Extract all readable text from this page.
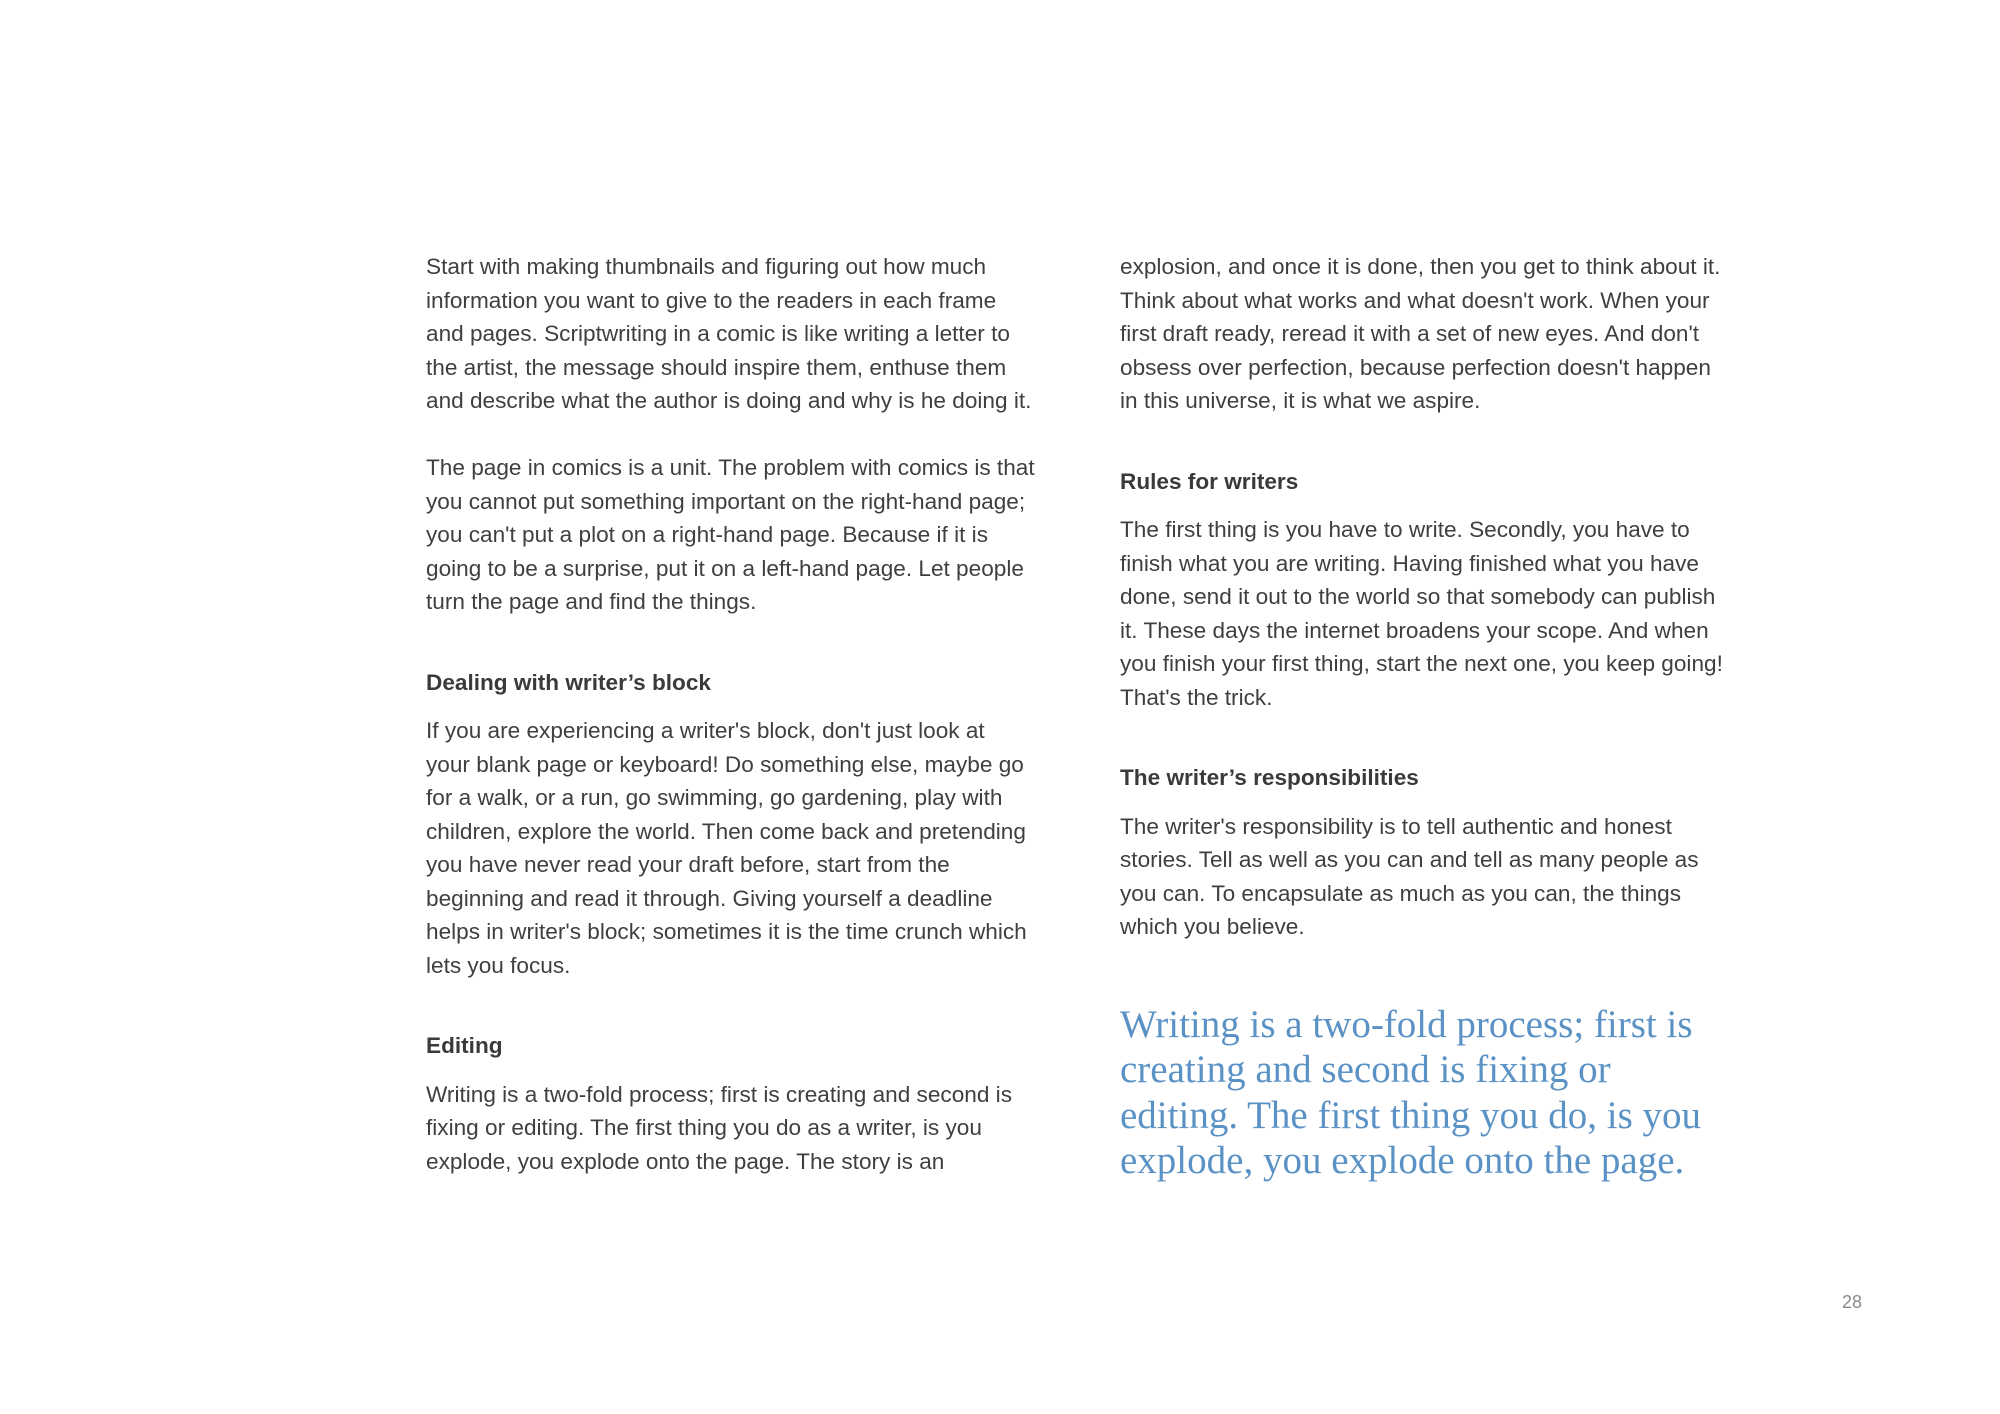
Start with making thumbnails and figuring out how much
information you want to give to the readers in each frame
and pages. Scriptwriting in a comic is like writing a letter to
the artist, the message should inspire them, enthuse them
and describe what the author is doing and why is he doing it.

The page in comics is a unit. The problem with comics is that
you cannot put something important on the right-hand page;
you can't put a plot on a right-hand page. Because if it is
going to be a surprise, put it on a left-hand page. Let people
turn the page and find the things.

Dealing with writer’s block

If you are experiencing a writer's block, don't just look at
your blank page or keyboard! Do something else, maybe go
for a walk, or a run, go swimming, go gardening, play with
children, explore the world. Then come back and pretending
you have never read your draft before, start from the
beginning and read it through. Giving yourself a deadline
helps in writer's block; sometimes it is the time crunch which
lets you focus.

Editing

Writing is a two-fold process; first is creating and second is
fixing or editing. The first thing you do as a writer, is you
explode, you explode onto the page. The story is an

explosion, and once it is done, then you get to think about it.
Think about what works and what doesn't work. When your
first draft ready, reread it with a set of new eyes. And don't
obsess over perfection, because perfection doesn't happen
in this universe, it is what we aspire.

Rules for writers

The first thing is you have to write. Secondly, you have to
finish what you are writing. Having finished what you have
done, send it out to the world so that somebody can publish
it. These days the internet broadens your scope. And when
you finish your first thing, start the next one, you keep going!
That's the trick.

The writer’s responsibilities

The writer's responsibility is to tell authentic and honest
stories. Tell as well as you can and tell as many people as
you can. To encapsulate as much as you can, the things
which you believe.

Writing is a two-fold process; first is
creating and second is fixing or
editing. The first thing you do, is you
explode, you explode onto the page.
28
